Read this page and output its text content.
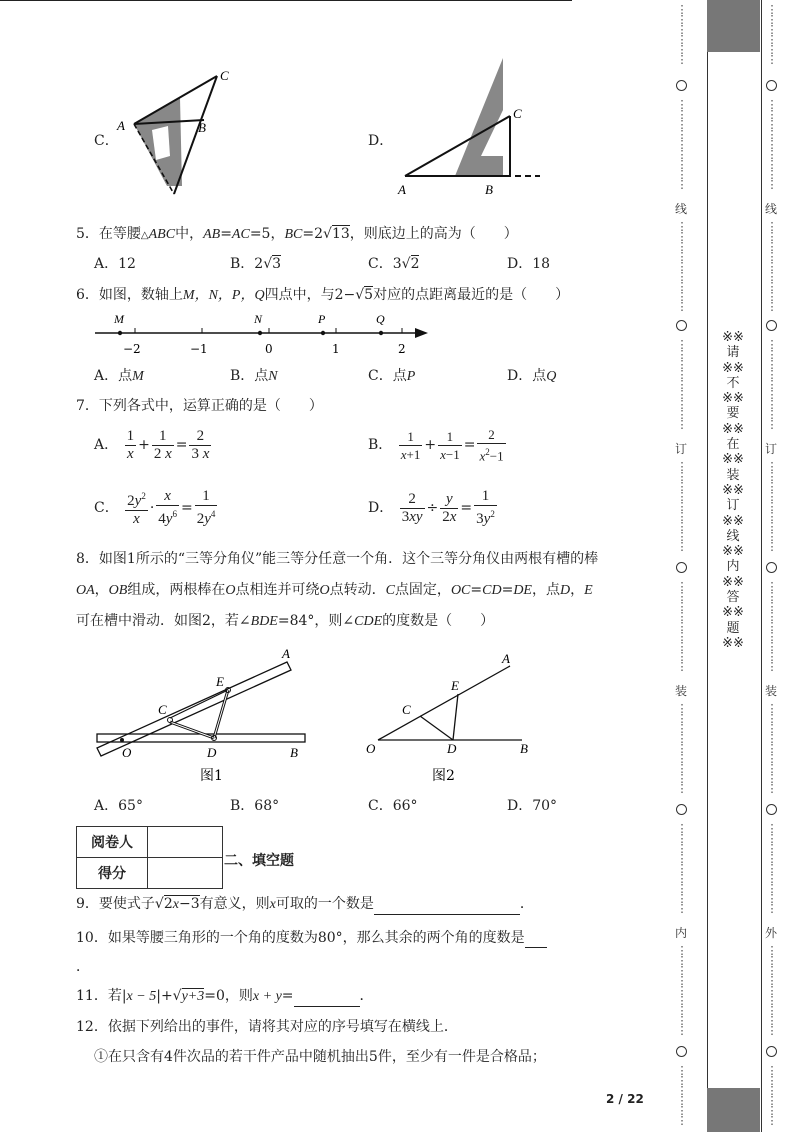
C．
A	B
C
D．
A	B
C
5．在等腰△ABC中，AB=AC=5，BC=2√13，则底边上的高为（　　）
A．12	B．2√3	C．3√2	D．18
6．如图，数轴上M，N，P，Q四点中，与2−√5对应的点距离最近的是（　　）
M	N	P	Q
−2	−1	0	1	2
A．点M	B．点N	C．点P	D．点Q
7．下列各式中，运算正确的是（　　）
A． $\frac{1}{x} + \frac{1}{2 x} = \frac{2}{3 x}$	B． $\frac{1}{x+1} + \frac{1}{x-1} = \frac{2}{x^2-1}$
C． $\frac{2y^2}{x} \cdot \frac{x}{4y^6} = \frac{1}{2y^4}$	D． $\frac{2}{3xy} \div \frac{y}{2x} = \frac{1}{3y^2}$
8．如图1所示的“三等分角仪”能三等分任意一个角．这个三等分角仪由两根有槽的棒
OA，OB组成，两根棒在O点相连并可绕O点转动．C点固定，OC=CD=DE，点D，E
可在槽中滑动．如图2，若∠BDE=84°，则∠CDE的度数是（　　）
A
B
C
D
E
O
图1
A
B
C
D
E
O
图2
A．65°	B．68°	C．66°	D．70°
阅卷人	
得分	
二、填空题
9．要使式子√2x−3有意义，则x可取的一个数是	．
10．如果等腰三角形的一个角的度数为80°，那么其余的两个角的度数是
．
11．若|x − 5|+√y+3=0，则x + y=	．
12．依据下列给出的事件，请将其对应的序号填写在横线上．
①在只含有4件次品的若干件产品中随机抽出5件，至少有一件是合格品；
2 / 22
※※请※※不※※要※※在※※装※※订※※线※※内※※答※※题※※
⋮
⋮
⋮
⋮
⋮
⋮
⋮
⋮
⋮
⋮
⋮
⋮
⋮
⋮
⋮
线
⋮
⋮
⋮
⋮
⋮
⋮
⋮
⋮
⋮
⋮
⋮
⋮
⋮
⋮
⋮
⋮
⋮
⋮
订
⋮
⋮
⋮
⋮
⋮
⋮
⋮
⋮
⋮
⋮
⋮
⋮
⋮
⋮
⋮
⋮
⋮
⋮
装
⋮
⋮
⋮
⋮
⋮
⋮
⋮
⋮
⋮
⋮
⋮
⋮
⋮
⋮
⋮
⋮
⋮
⋮
内
⋮
⋮
⋮
⋮
⋮
⋮
⋮
⋮
⋮
⋮
⋮
⋮
⋮
⋮
⋮
⋮
⋮
⋮
⋮
⋮
⋮
⋮
⋮
⋮
⋮
⋮
⋮
⋮
⋮
⋮
线
⋮
⋮
⋮
⋮
⋮
⋮
⋮
⋮
⋮
⋮
⋮
⋮
⋮
⋮
⋮
⋮
⋮
⋮
订
⋮
⋮
⋮
⋮
⋮
⋮
⋮
⋮
⋮
⋮
⋮
⋮
⋮
⋮
⋮
⋮
⋮
⋮
装
⋮
⋮
⋮
⋮
⋮
⋮
⋮
⋮
⋮
⋮
⋮
⋮
⋮
⋮
⋮
⋮
⋮
⋮
外
⋮
⋮
⋮
⋮
⋮
⋮
⋮
⋮
⋮
⋮
⋮
⋮
⋮
⋮
⋮
